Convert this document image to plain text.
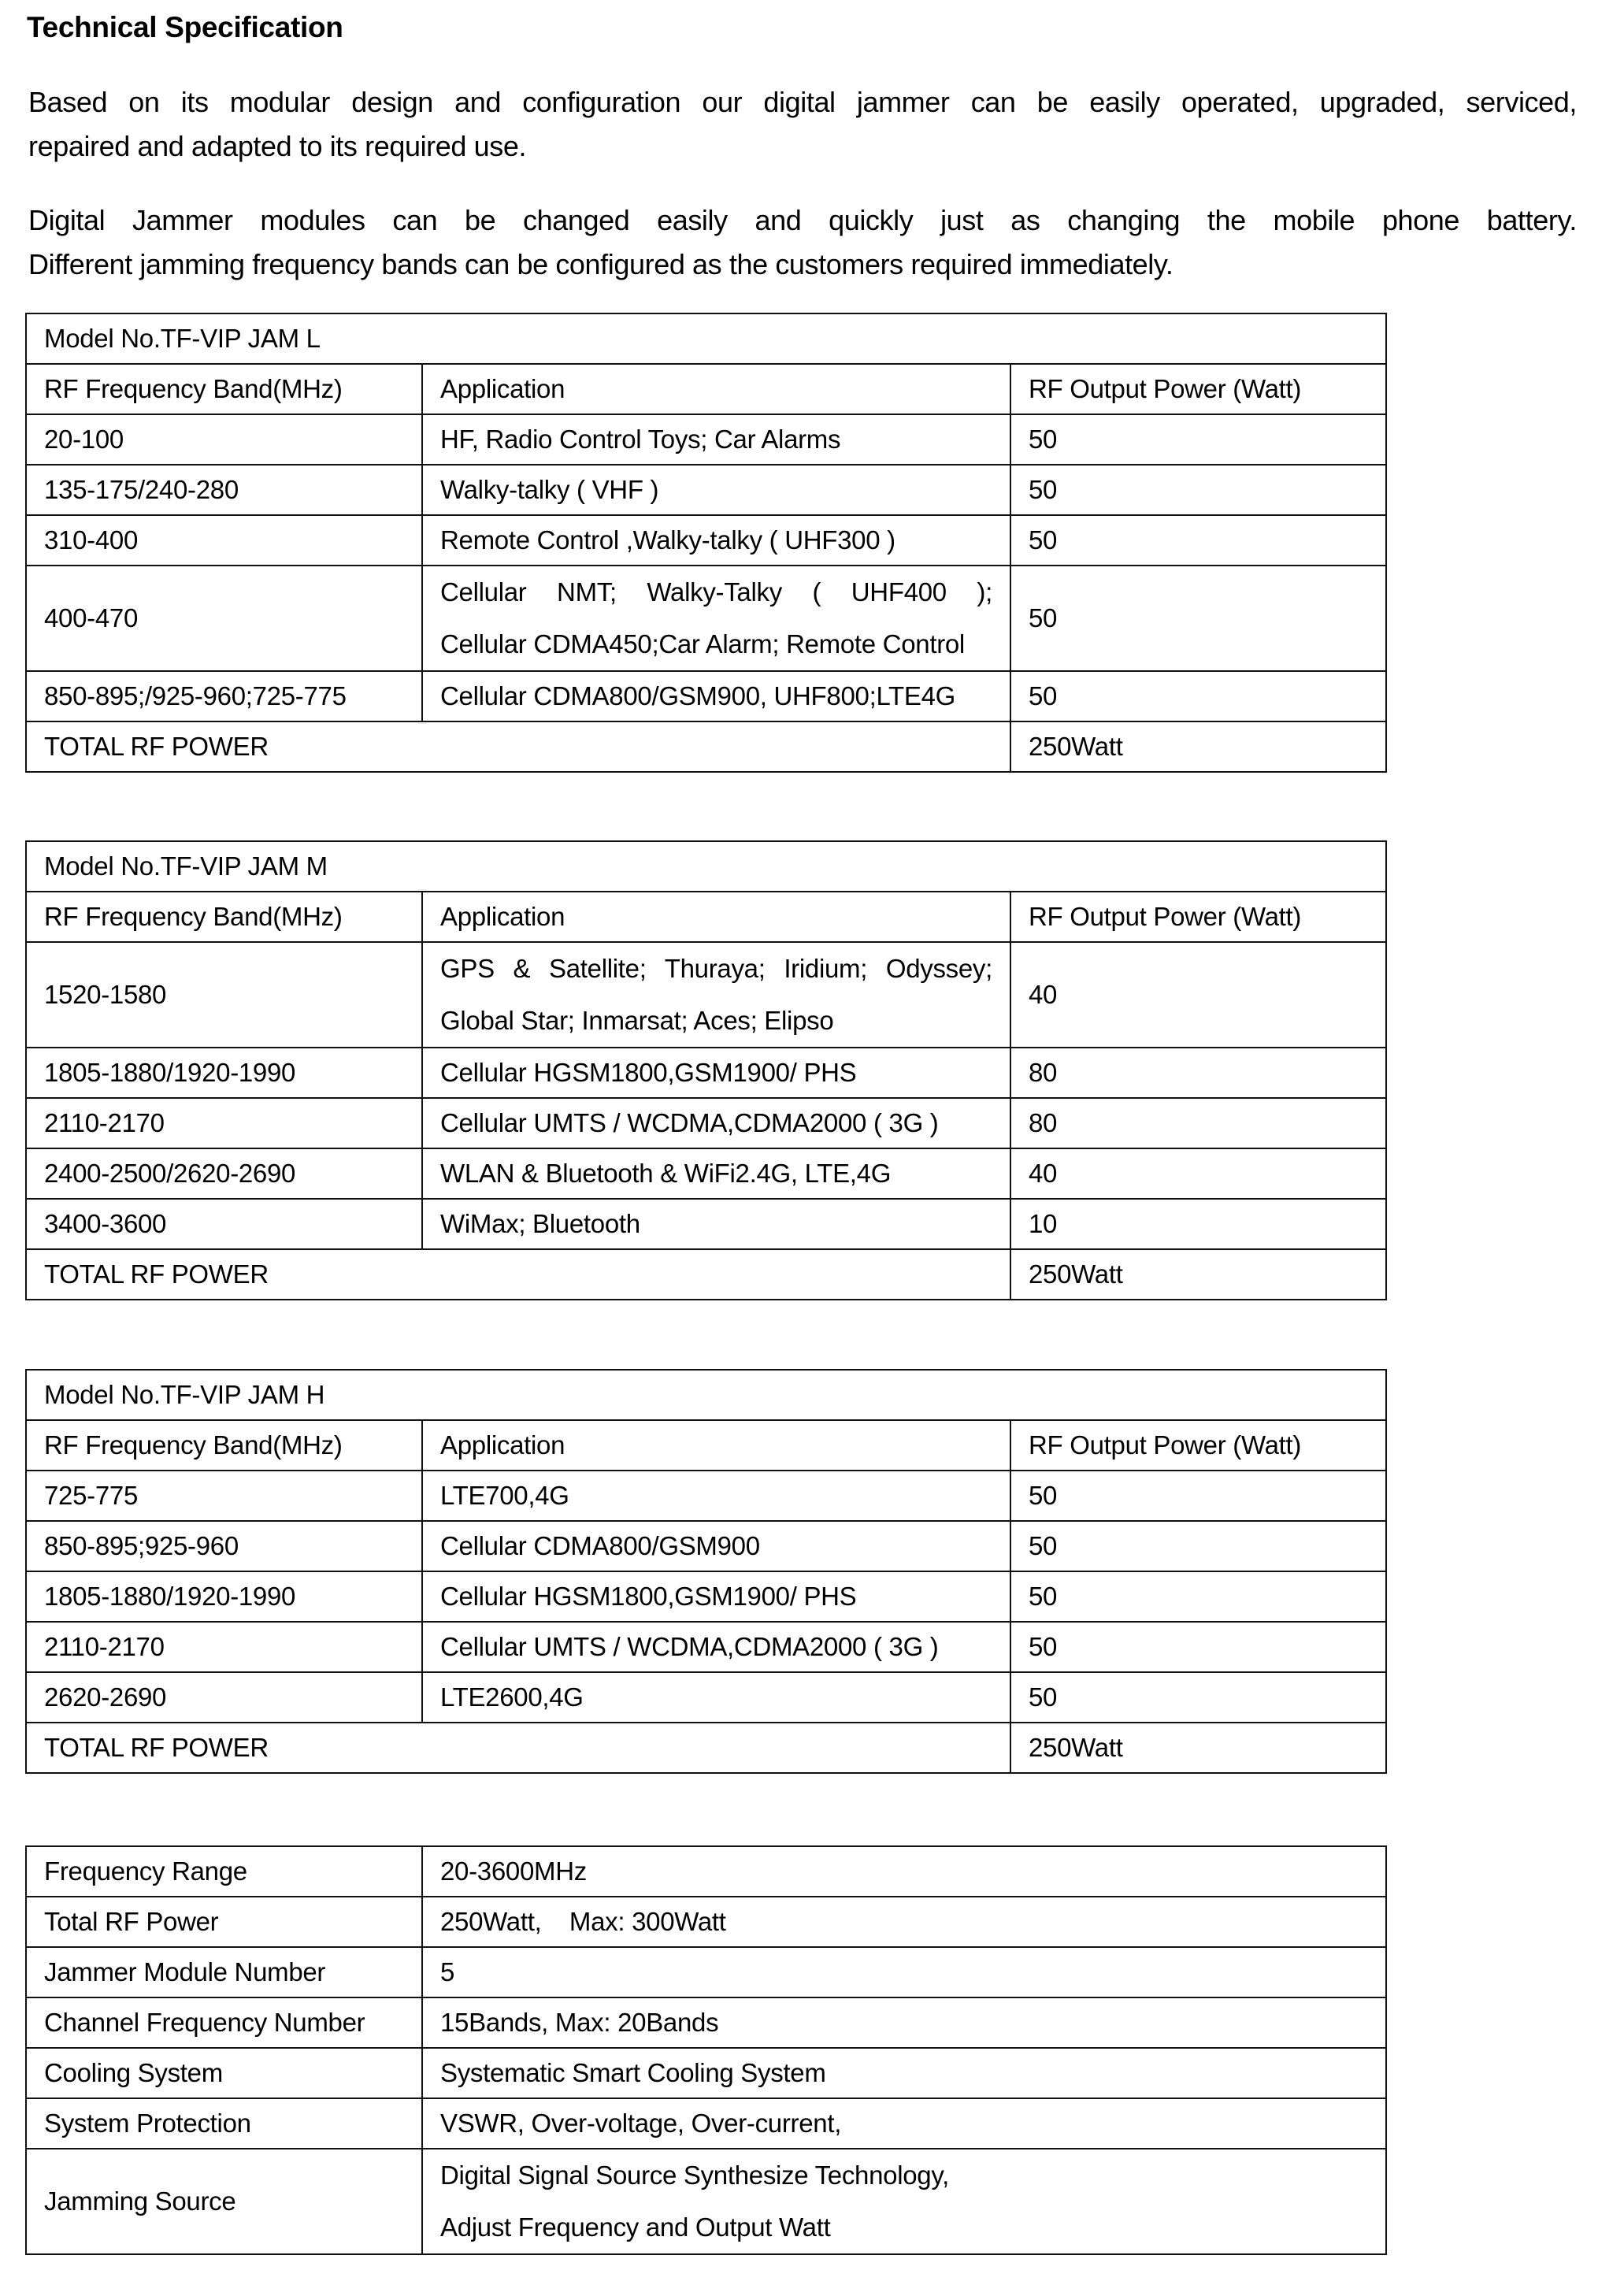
Technical Specification
Based on its modular design and configuration our digital jammer can be easily operated, upgraded, serviced,
repaired and adapted to its required use.
Digital Jammer modules can be changed easily and quickly just as changing the mobile phone battery.
Different jamming frequency bands can be configured as the customers required immediately.
Model No.TF-VIP JAM L		
RF Frequency Band(MHz)	Application	RF Output Power (Watt)
20-100	HF, Radio Control Toys; Car Alarms	50
135-175/240-280	Walky-talky ( VHF )	50
310-400	Remote Control ,Walky-talky ( UHF300 )	50
400-470	Cellular NMT; Walky-Talky ( UHF400 );
Cellular CDMA450;Car Alarm; Remote Control	50
850-895;/925-960;725-775	Cellular CDMA800/GSM900, UHF800;LTE4G	50
TOTAL RF POWER		250Watt
Model No.TF-VIP JAM M		
RF Frequency Band(MHz)	Application	RF Output Power (Watt)
1520-1580	GPS & Satellite; Thuraya; Iridium; Odyssey;
Global Star; Inmarsat; Aces; Elipso	40
1805-1880/1920-1990	Cellular HGSM1800,GSM1900/ PHS	80
2110-2170	Cellular UMTS / WCDMA,CDMA2000 ( 3G )	80
2400-2500/2620-2690	WLAN & Bluetooth & WiFi2.4G, LTE,4G	40
3400-3600	WiMax; Bluetooth	10
TOTAL RF POWER		250Watt
Model No.TF-VIP JAM H		
RF Frequency Band(MHz)	Application	RF Output Power (Watt)
725-775	LTE700,4G	50
850-895;925-960	Cellular CDMA800/GSM900	50
1805-1880/1920-1990	Cellular HGSM1800,GSM1900/ PHS	50
2110-2170	Cellular UMTS / WCDMA,CDMA2000 ( 3G )	50
2620-2690	LTE2600,4G	50
TOTAL RF POWER		250Watt
Frequency Range	20-3600MHz
Total RF Power	250Watt,    Max: 300Watt
Jammer Module Number	5
Channel Frequency Number	15Bands, Max: 20Bands
Cooling System	Systematic Smart Cooling System
System Protection	VSWR, Over-voltage, Over-current,
Jamming Source	Digital Signal Source Synthesize Technology,
Adjust Frequency and Output Watt
